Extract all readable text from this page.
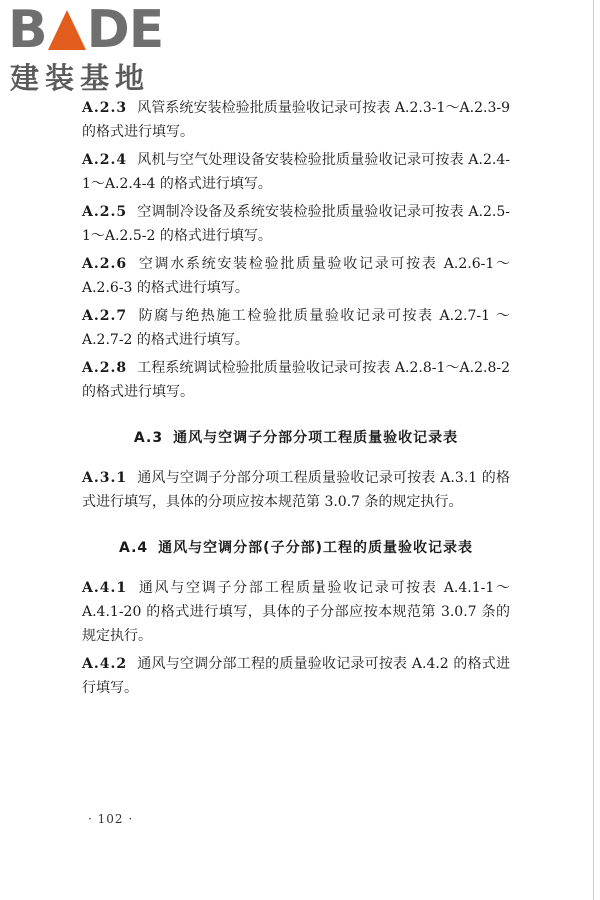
B DE
建装基地

A.2.3 风管系统安装检验批质量验收记录可按表 A.2.3-1～A.2.3-9 的格式进行填写。

A.2.4 风机与空气处理设备安装检验批质量验收记录可按表 A.2.4-1～A.2.4-4 的格式进行填写。

A.2.5 空调制冷设备及系统安装检验批质量验收记录可按表 A.2.5-1～A.2.5-2 的格式进行填写。

A.2.6 空调水系统安装检验批质量验收记录可按表 A.2.6-1～A.2.6-3 的格式进行填写。

A.2.7 防腐与绝热施工检验批质量验收记录可按表 A.2.7-1 ～A.2.7-2 的格式进行填写。

A.2.8 工程系统调试检验批质量验收记录可按表 A.2.8-1～A.2.8-2 的格式进行填写。

A.3 通风与空调子分部分项工程质量验收记录表

A.3.1 通风与空调子分部分项工程质量验收记录可按表 A.3.1 的格式进行填写，具体的分项应按本规范第 3.0.7 条的规定执行。

A.4 通风与空调分部(子分部)工程的质量验收记录表

A.4.1 通风与空调子分部工程质量验收记录可按表 A.4.1-1～A.4.1-20 的格式进行填写，具体的子分部应按本规范第 3.0.7 条的规定执行。

A.4.2 通风与空调分部工程的质量验收记录可按表 A.4.2 的格式进行填写。

· 102 ·
